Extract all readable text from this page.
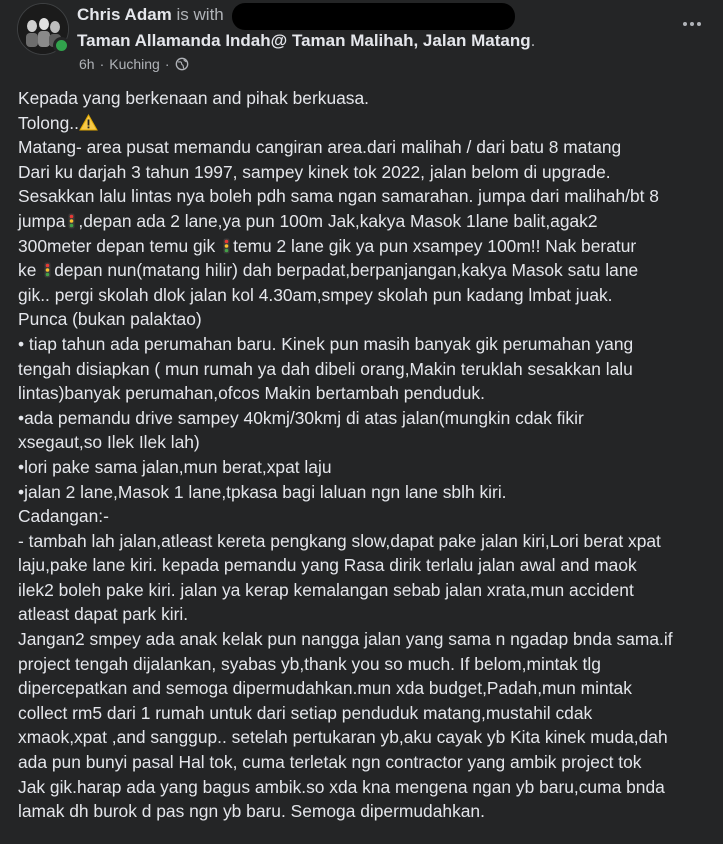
Chris Adam is with
Taman Allamanda Indah@ Taman Malihah, Jalan Matang.
6h · Kuching ·
Kepada yang berkenaan and pihak berkuasa.
Tolong..
Matang- area pusat memandu cangiran area.dari malihah / dari batu 8 matang
Dari ku darjah 3 tahun 1997, sampey kinek tok 2022, jalan belom di upgrade.
Sesakkan lalu lintas nya boleh pdh sama ngan samarahan. jumpa dari malihah/bt 8
jumpa ,depan ada 2 lane,ya pun 100m Jak,kakya Masok 1lane balit,agak2
300meter depan temu gik temu 2 lane gik ya pun xsampey 100m!! Nak beratur
ke depan nun(matang hilir) dah berpadat,berpanjangan,kakya Masok satu lane
gik.. pergi skolah dlok jalan kol 4.30am,smpey skolah pun kadang lmbat juak.
Punca (bukan palaktao)
• tiap tahun ada perumahan baru. Kinek pun masih banyak gik perumahan yang
tengah disiapkan ( mun rumah ya dah dibeli orang,Makin teruklah sesakkan lalu
lintas)banyak perumahan,ofcos Makin bertambah penduduk.
•ada pemandu drive sampey 40kmj/30kmj di atas jalan(mungkin cdak fikir
xsegaut,so Ilek Ilek lah)
•lori pake sama jalan,mun berat,xpat laju
•jalan 2 lane,Masok 1 lane,tpkasa bagi laluan ngn lane sblh kiri.
Cadangan:-
- tambah lah jalan,atleast kereta pengkang slow,dapat pake jalan kiri,Lori berat xpat
laju,pake lane kiri. kepada pemandu yang Rasa dirik terlalu jalan awal and maok
ilek2 boleh pake kiri. jalan ya kerap kemalangan sebab jalan xrata,mun accident
atleast dapat park kiri.
Jangan2 smpey ada anak kelak pun nangga jalan yang sama n ngadap bnda sama.if
project tengah dijalankan, syabas yb,thank you so much. If belom,mintak tlg
dipercepatkan and semoga dipermudahkan.mun xda budget,Padah,mun mintak
collect rm5 dari 1 rumah untuk dari setiap penduduk matang,mustahil cdak
xmaok,xpat ,and sanggup.. setelah pertukaran yb,aku cayak yb Kita kinek muda,dah
ada pun bunyi pasal Hal tok, cuma terletak ngn contractor yang ambik project tok
Jak gik.harap ada yang bagus ambik.so xda kna mengena ngan yb baru,cuma bnda
lamak dh burok d pas ngn yb baru. Semoga dipermudahkan.
